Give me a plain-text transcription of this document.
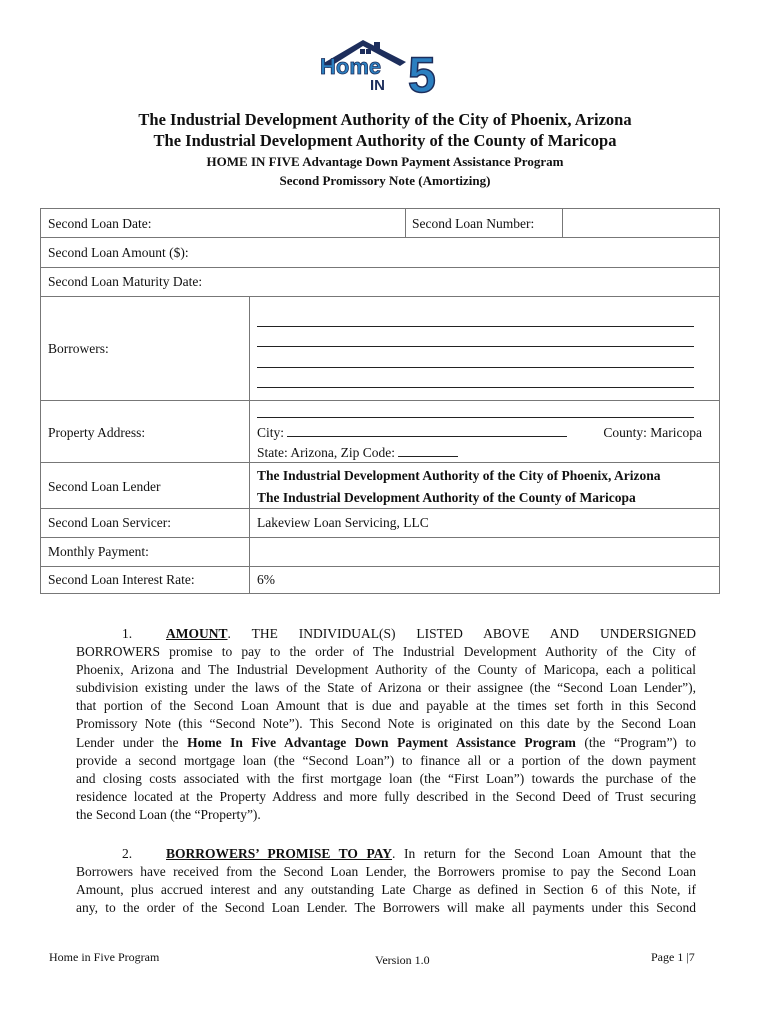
Home
IN 5
The Industrial Development Authority of the City of Phoenix, Arizona
The Industrial Development Authority of the County of Maricopa
HOME IN FIVE Advantage Down Payment Assistance Program
Second Promissory Note (Amortizing)
Second Loan Date:	Second Loan Number:
Second Loan Amount ($):
Second Loan Maturity Date:
Borrowers:
Property Address:	City:	County: Maricopa
State: Arizona, Zip Code:
Second Loan Lender
The Industrial Development Authority of the City of Phoenix, Arizona
The Industrial Development Authority of the County of Maricopa
Second Loan Servicer:	Lakeview Loan Servicing, LLC
Monthly Payment:
Second Loan Interest Rate:	6%
1.	AMOUNT. THE INDIVIDUAL(S) LISTED ABOVE AND UNDERSIGNED
BORROWERS promise to pay to the order of The Industrial Development Authority of the City of
Phoenix, Arizona and The Industrial Development Authority of the County of Maricopa, each a political
subdivision existing under the laws of the State of Arizona or their assignee (the “Second Loan Lender”),
that portion of the Second Loan Amount that is due and payable at the times set forth in this Second
Promissory Note (this “Second Note”). This Second Note is originated on this date by the Second Loan
Lender under the Home In Five Advantage Down Payment Assistance Program (the “Program”) to
provide a second mortgage loan (the “Second Loan”) to finance all or a portion of the down payment
and closing costs associated with the first mortgage loan (the “First Loan”) towards the purchase of the
residence located at the Property Address and more fully described in the Second Deed of Trust securing
the Second Loan (the “Property”).
2.	BORROWERS’ PROMISE TO PAY. In return for the Second Loan Amount that the
Borrowers have received from the Second Loan Lender, the Borrowers promise to pay the Second Loan
Amount, plus accrued interest and any outstanding Late Charge as defined in Section 6 of this Note, if
any, to the order of the Second Loan Lender. The Borrowers will make all payments under this Second
Home in Five Program	Version 1.0	Page 1 |7
